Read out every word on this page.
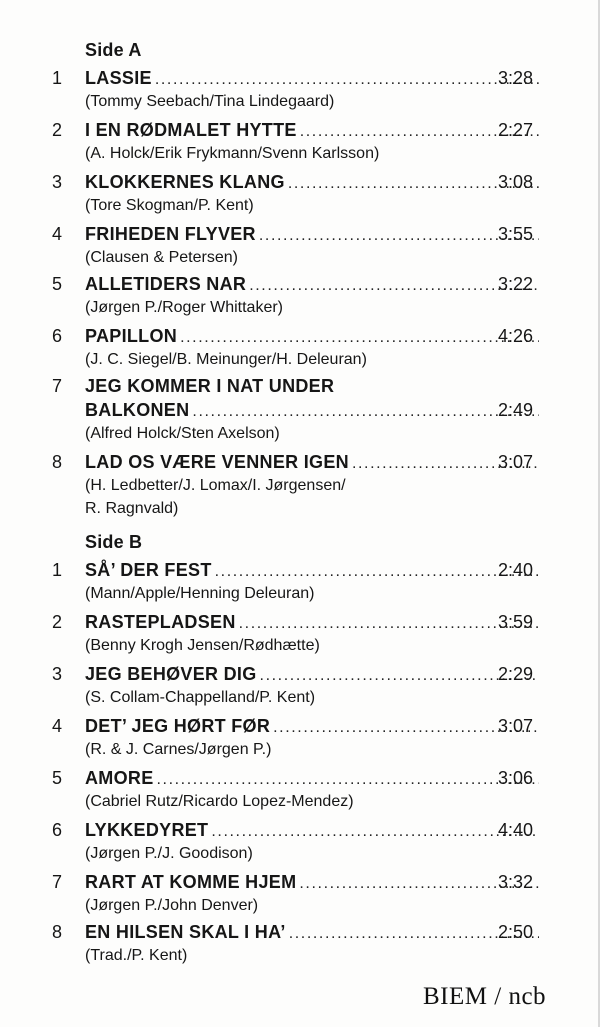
Side A
1 LASSIE .....	3:28
(Tommy Seebach/Tina Lindegaard)
2 I EN RØDMALET HYTTE .....	2:27
(A. Holck/Erik Frykmann/Svenn Karlsson)
3 KLOKKERNES KLANG .....	3:08
(Tore Skogman/P. Kent)
4 FRIHEDEN FLYVER .....	3:55
(Clausen & Petersen)
5 ALLETIDERS NAR .....	3:22
(Jørgen P./Roger Whittaker)
6 PAPILLON .....	4:26
(J. C. Siegel/B. Meinunger/H. Deleuran)
7 JEG KOMMER I NAT UNDER
BALKONEN .....	2:49
(Alfred Holck/Sten Axelson)
8 LAD OS VÆRE VENNER IGEN .....	3:07
(H. Ledbetter/J. Lomax/I. Jørgensen/
R. Ragnvald)
Side B
1 SÅ’ DER FEST .....	2:40
(Mann/Apple/Henning Deleuran)
2 RASTEPLADSEN .....	3:59
(Benny Krogh Jensen/Rødhætte)
3 JEG BEHØVER DIG .....	2:29
(S. Collam-Chappelland/P. Kent)
4 DET’ JEG HØRT FØR .....	3:07
(R. & J. Carnes/Jørgen P.)
5 AMORE .....	3:06
(Cabriel Rutz/Ricardo Lopez-Mendez)
6 LYKKEDYRET .....	4:40
(Jørgen P./J. Goodison)
7 RART AT KOMME HJEM .....	3:32
(Jørgen P./John Denver)
8 EN HILSEN SKAL I HA’ .....	2:50
(Trad./P. Kent)
BIEM / ncb
